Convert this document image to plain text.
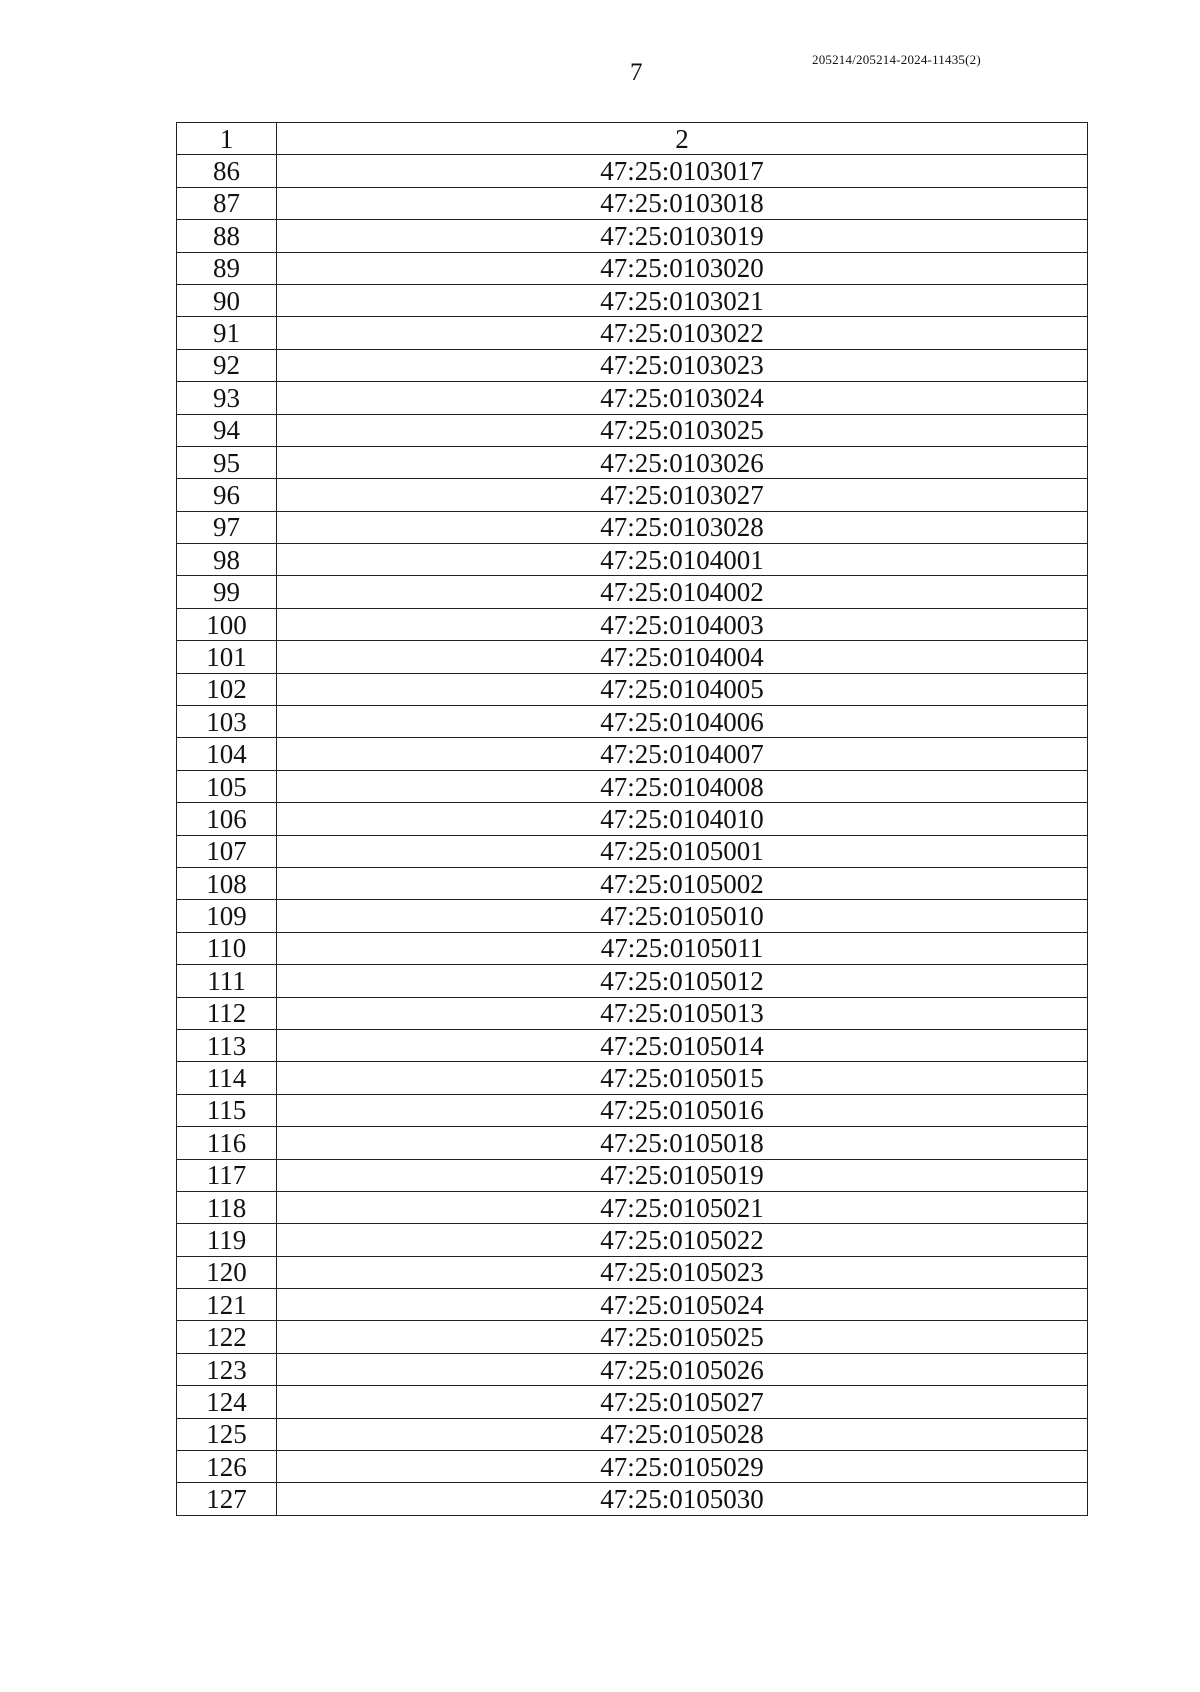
7	205214/205214-2024-11435(2)
1	2
86	47:25:0103017
87	47:25:0103018
88	47:25:0103019
89	47:25:0103020
90	47:25:0103021
91	47:25:0103022
92	47:25:0103023
93	47:25:0103024
94	47:25:0103025
95	47:25:0103026
96	47:25:0103027
97	47:25:0103028
98	47:25:0104001
99	47:25:0104002
100	47:25:0104003
101	47:25:0104004
102	47:25:0104005
103	47:25:0104006
104	47:25:0104007
105	47:25:0104008
106	47:25:0104010
107	47:25:0105001
108	47:25:0105002
109	47:25:0105010
110	47:25:0105011
111	47:25:0105012
112	47:25:0105013
113	47:25:0105014
114	47:25:0105015
115	47:25:0105016
116	47:25:0105018
117	47:25:0105019
118	47:25:0105021
119	47:25:0105022
120	47:25:0105023
121	47:25:0105024
122	47:25:0105025
123	47:25:0105026
124	47:25:0105027
125	47:25:0105028
126	47:25:0105029
127	47:25:0105030
